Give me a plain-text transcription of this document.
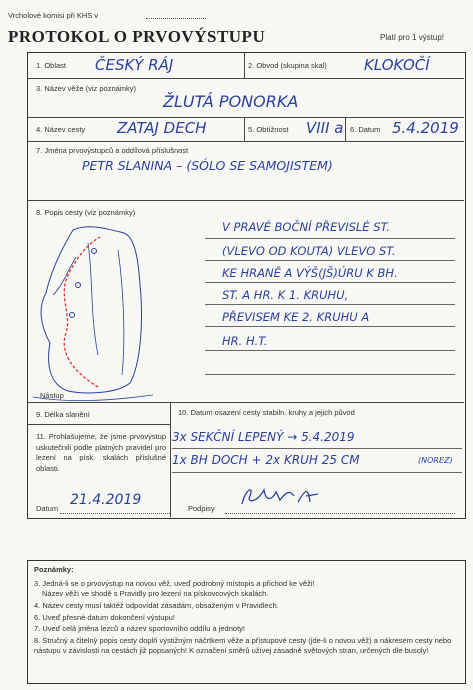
Vrcholové komisi při KHS v
PROTOKOL O PRVOVÝSTUPU	Platí pro 1 výstup!
1. Oblast ČESKÝ RÁJ	2. Obvod (skupina skal) KLOKOČÍ
3. Název věže (viz poznámky)
ŽLUTÁ PONORKA
4. Název cesty ZATAJ DECH	5. Obtížnost VIII a 6. Datum 5.4.2019
7. Jména prvovýstupců a oddílová příslušnost
PETR SLANINA – (SÓLO SE SAMOJISTEM)
8. Popis cesty (viz poznámky)
Nástup
V PRAVÉ BOČNÍ PŘEVISLÉ ST.
(VLEVO OD KOUTA) VLEVO ST.
KE HRANĚ A VÝŠ(JŠ)ÚRU K BH.
ST. A HR. K 1. KRUHU,
PŘEVISEM KE 2. KRUHU A
HR. H.T.
9. Délka slanění	10. Datum osazení cesty stabiln. kruhy a jejich původ
3x SEKČNÍ LEPENÝ → 5.4.2019
1x BH DOCH + 2x KRUH 25 CM	(NOREZ)
11. Prohlašujeme, že jsme prvovýstup uskutečnili podle platných pravidel pro lezení na písk. skalách příslušné oblasti.
Datum
21.4.2019
Podpisy
Poznámky:
3. Jedná-li se o prvovýstup na novou věž, uveď podrobný místopis a přichod ke věži!
Název věží ve shodě s Pravidly pro lezení na pískovcových skalách.
4. Název cesty musí taktéž odpovídat zásadám, obsaženým v Pravidlech.
6. Uveď přesné datum dokončení výstupu!
7. Uveď celá jména lezců a název sportovního oddílu a jednoty!
8. Stručný a čitelný popis cesty doplň výstižným náčrtkem věže a přístupové cesty (jde-li o novou věž) a nákresem cesty nebo nástupu v závislosti na cestách již popsaných! K označení směrů užívej zásadně světových stran, určených dle busoly!
